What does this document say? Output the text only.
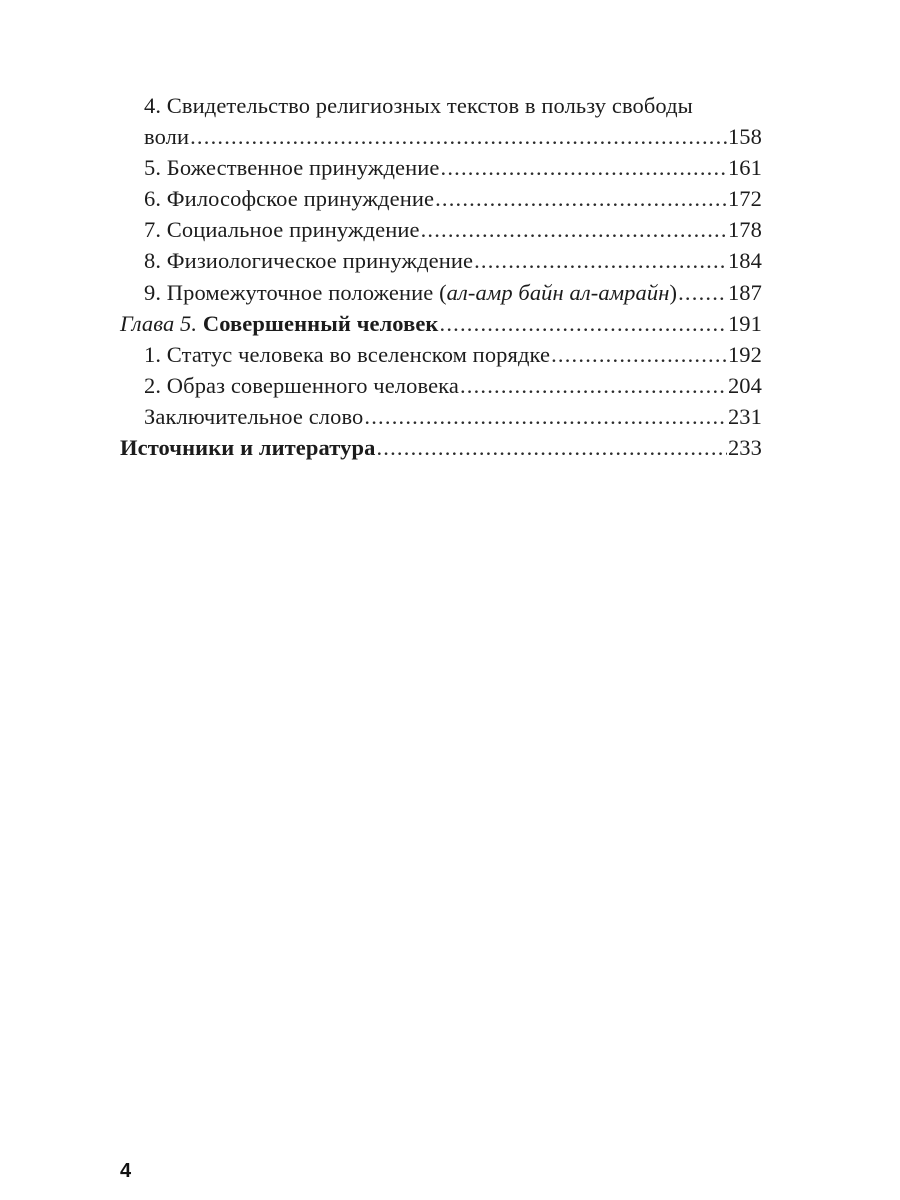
4. Свидетельство религиозных текстов в пользу свободы
воли .....	158
5. Божественное принуждение .....	161
6. Философское принуждение .....	172
7. Социальное принуждение .....	178
8. Физиологическое принуждение .....	184
9. Промежуточное положение (ал-амр байн ал-амрайн) ..... 187
Глава 5. Совершенный человек .....	191
1. Статус человека во вселенском порядке .....	192
2. Образ совершенного человека .....	204
Заключительное слово .....	231
Источники и литература .....	233
4
